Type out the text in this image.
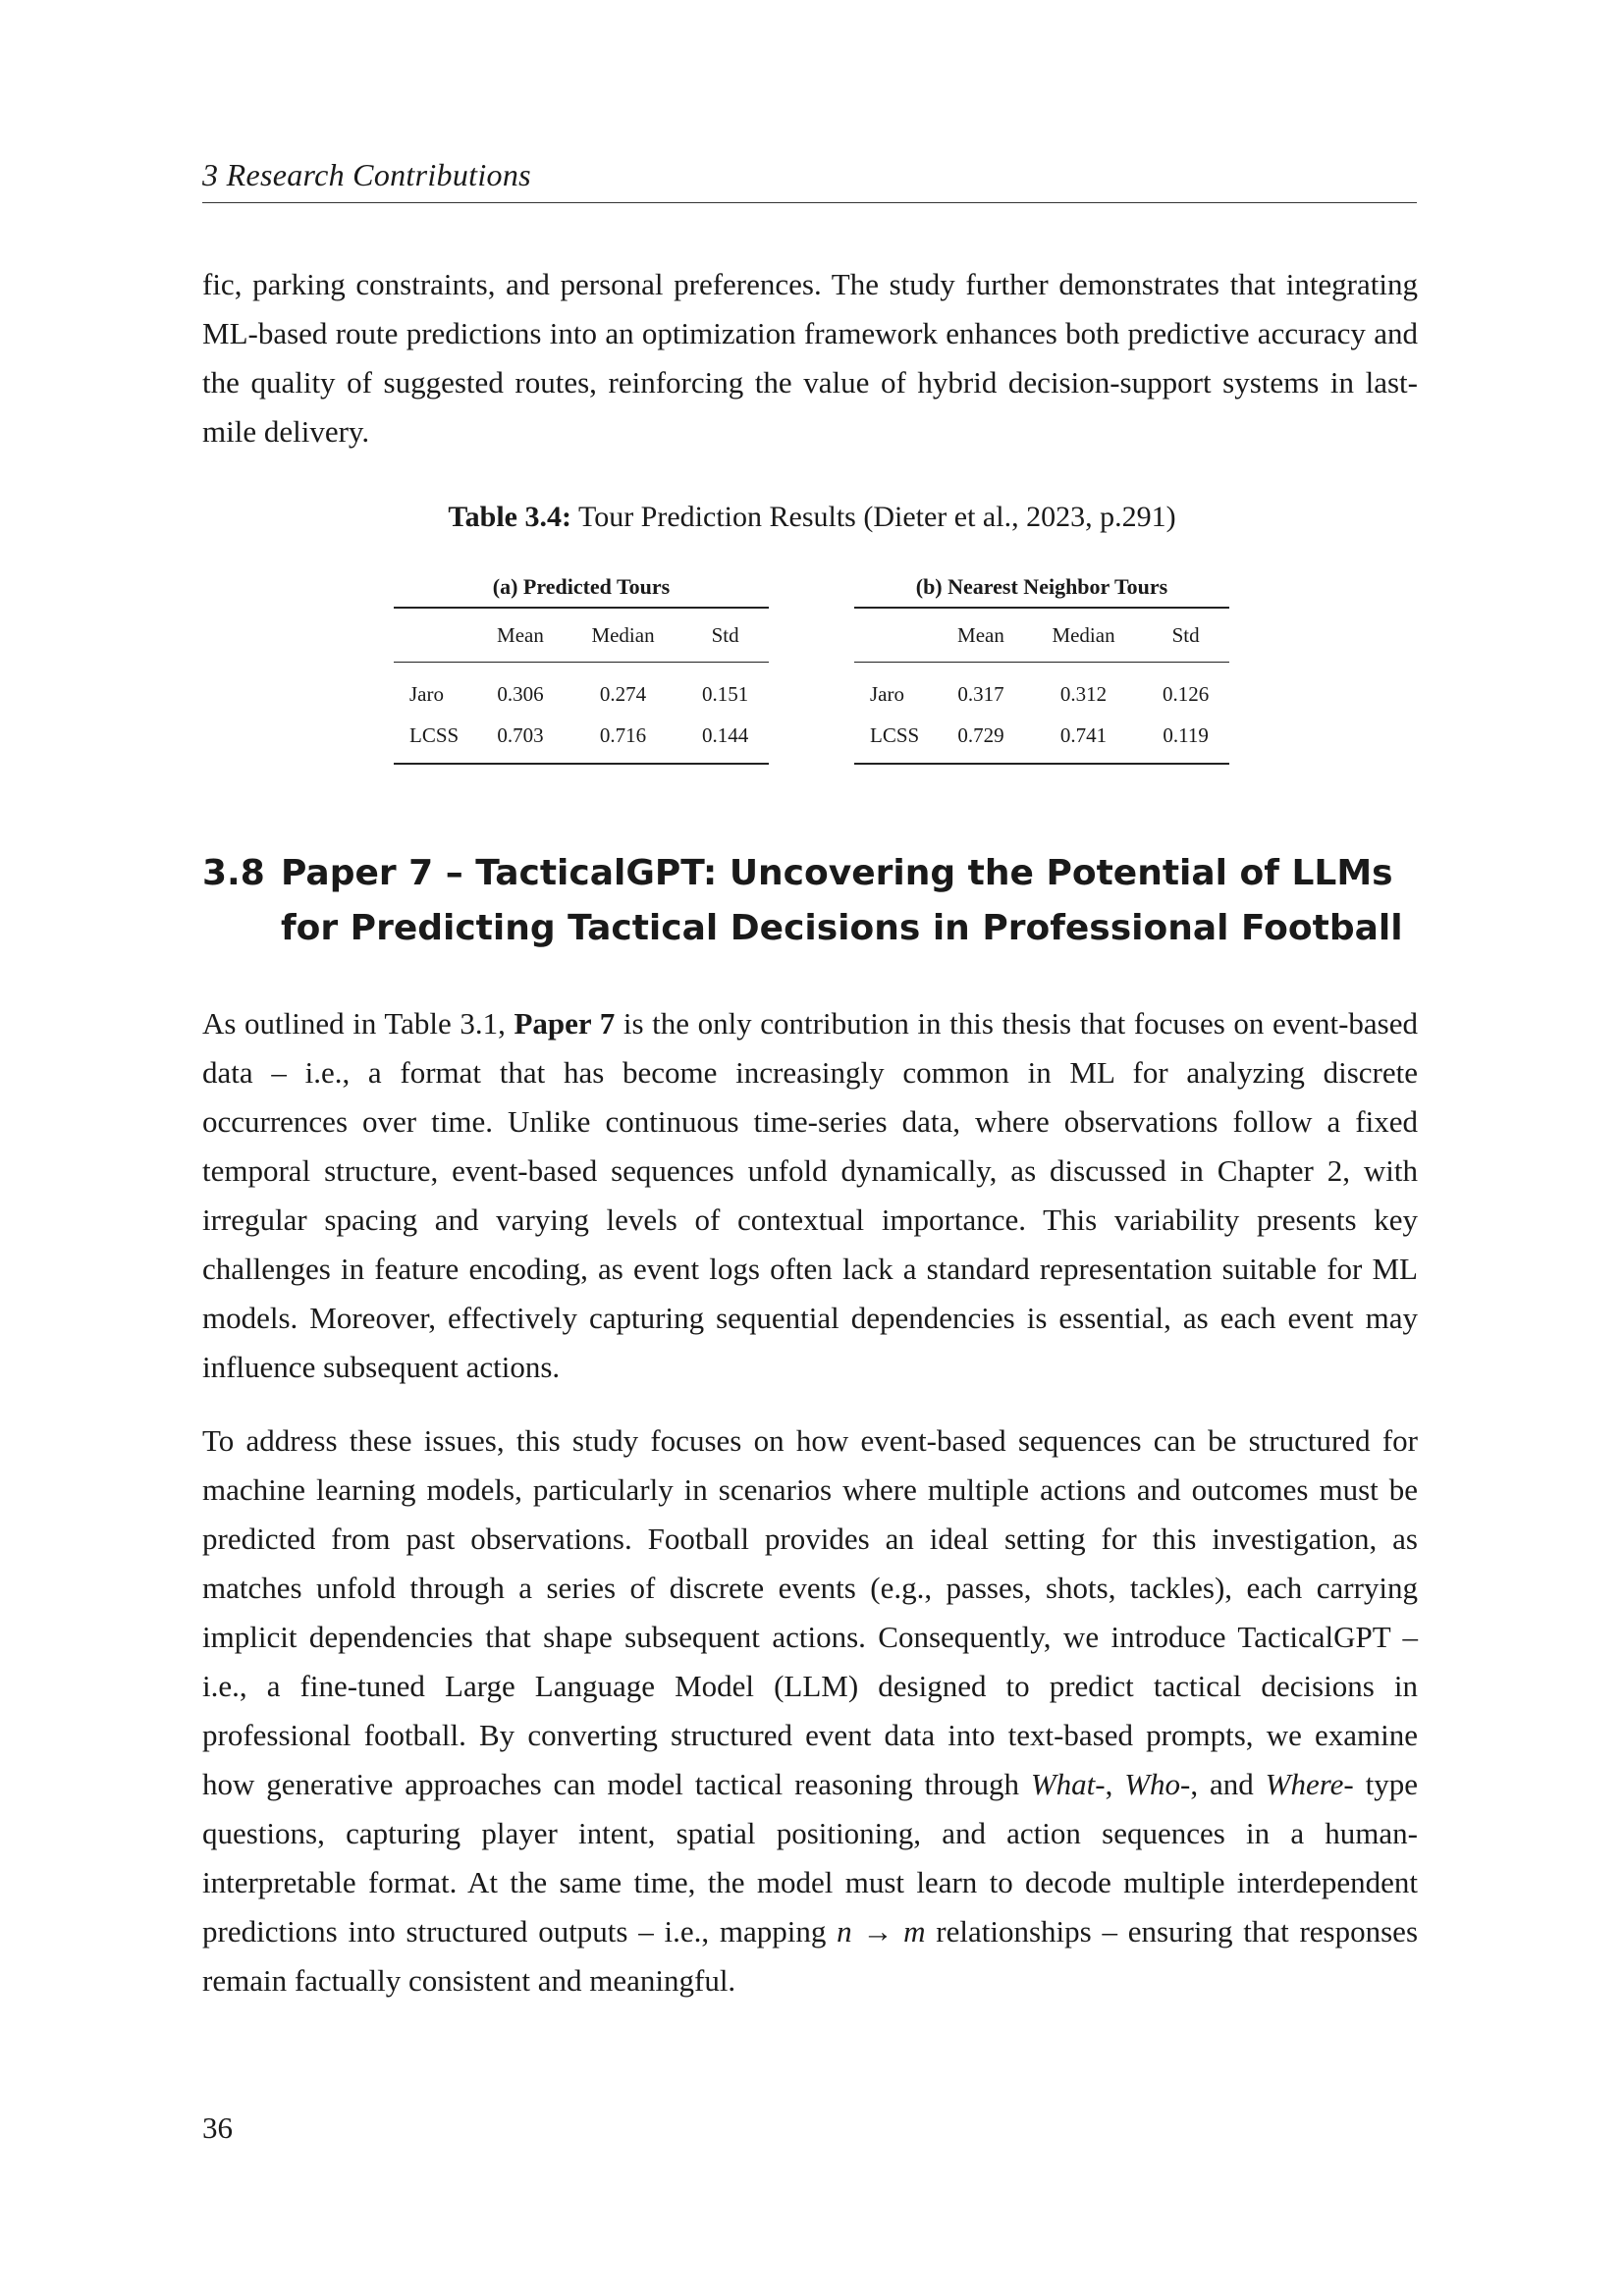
3 Research Contributions

fic, parking constraints, and personal preferences. The study further demonstrates that integrating ML-based route predictions into an optimization framework enhances both predictive accuracy and the quality of suggested routes, reinforcing the value of hybrid decision-support systems in last-mile delivery.

Table 3.4: Tour Prediction Results (Dieter et al., 2023, p.291)
(a) Predicted Tours
	Mean	Median	Std
Jaro	0.306	0.274	0.151
LCSS	0.703	0.716	0.144
(b) Nearest Neighbor Tours
	Mean	Median	Std
Jaro	0.317	0.312	0.126
LCSS	0.729	0.741	0.119
3.8 Paper 7 – TacticalGPT: Uncovering the Potential of LLMs for Predicting Tactical Decisions in Professional Football

As outlined in Table 3.1, Paper 7 is the only contribution in this thesis that focuses on event-based data – i.e., a format that has become increasingly common in ML for analyzing discrete occurrences over time. Unlike continuous time-series data, where observations follow a fixed temporal structure, event-based sequences unfold dynamically, as discussed in Chapter 2, with irregular spacing and varying levels of contextual importance. This variability presents key challenges in feature encoding, as event logs often lack a standard representation suitable for ML models. Moreover, effectively capturing sequential dependencies is essential, as each event may influence subsequent actions.

To address these issues, this study focuses on how event-based sequences can be structured for machine learning models, particularly in scenarios where multiple actions and outcomes must be predicted from past observations. Football provides an ideal setting for this investigation, as matches unfold through a series of discrete events (e.g., passes, shots, tackles), each carrying implicit dependencies that shape subsequent actions. Consequently, we introduce TacticalGPT – i.e., a fine-tuned Large Language Model (LLM) designed to predict tactical decisions in professional football. By converting structured event data into text-based prompts, we examine how generative approaches can model tactical reasoning through What-, Who-, and Where- type questions, capturing player intent, spatial positioning, and action sequences in a human-interpretable format. At the same time, the model must learn to decode multiple interdependent predictions into structured outputs – i.e., mapping n → m relationships – ensuring that responses remain factually consistent and meaningful.

36
